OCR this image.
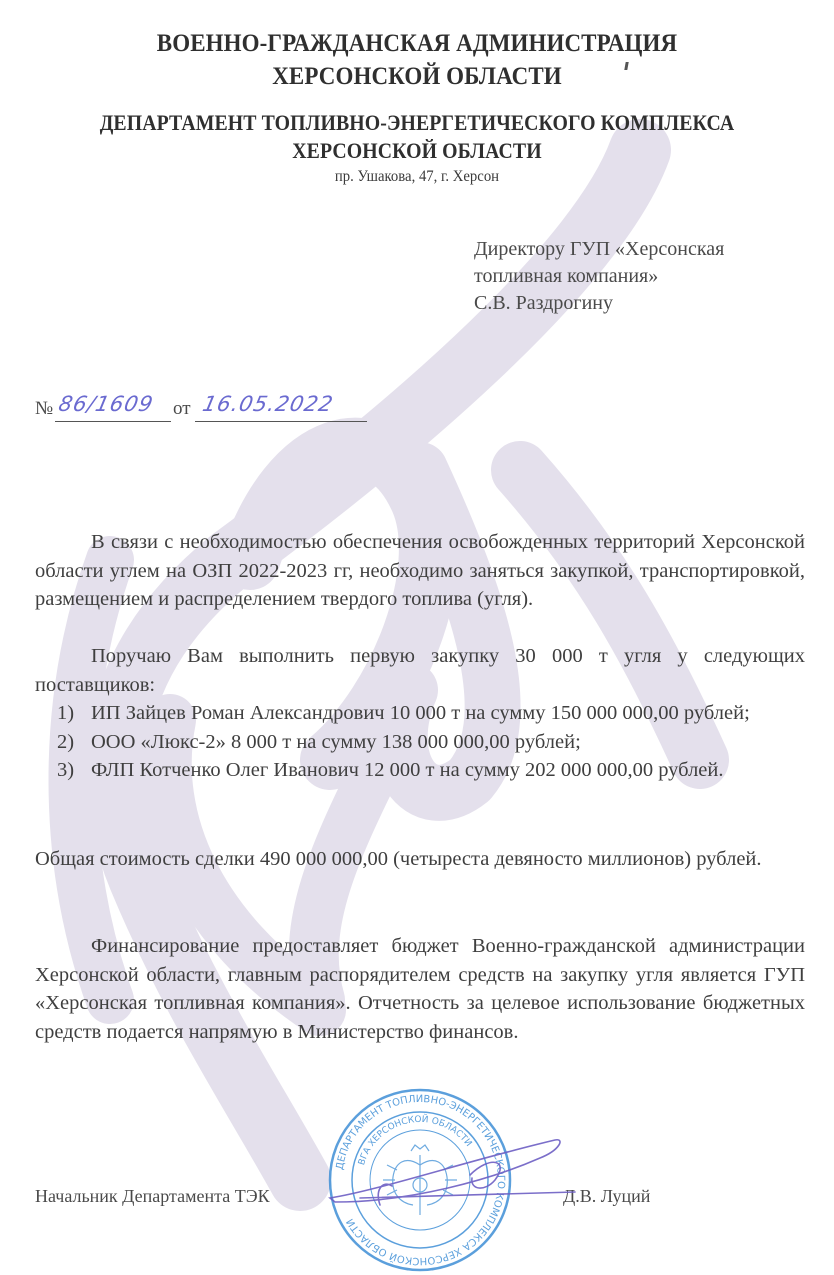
ВОЕННО-ГРАЖДАНСКАЯ АДМИНИСТРАЦИЯ
ХЕРСОНСКОЙ ОБЛАСТИ
ДЕПАРТАМЕНТ ТОПЛИВНО-ЭНЕРГЕТИЧЕСКОГО КОМПЛЕКСА
ХЕРСОНСКОЙ ОБЛАСТИ
пр. Ушакова, 47, г. Херсон
Директору ГУП «Херсонская
топливная компания»
С.В. Раздрогину
№ 86/1609 от 16.05.2022
В связи с необходимостью обеспечения освобожденных территорий Херсонской области углем на ОЗП 2022-2023 гг, необходимо заняться закупкой, транспортировкой, размещением и распределением твердого топлива (угля).
Поручаю Вам выполнить первую закупку 30 000 т угля у следующих поставщиков:
1) ИП Зайцев Роман Александрович 10 000 т на сумму 150 000 000,00 рублей;
2) ООО «Люкс-2» 8 000 т на сумму 138 000 000,00 рублей;
3) ФЛП Котченко Олег Иванович 12 000 т на сумму 202 000 000,00 рублей.
Общая стоимость сделки 490 000 000,00 (четыреста девяносто миллионов) рублей.
Финансирование предоставляет бюджет Военно-гражданской администрации Херсонской области, главным распорядителем средств на закупку угля является ГУП «Херсонская топливная компания». Отчетность за целевое использование бюджетных средств подается напрямую в Министерство финансов.
Начальник Департамента ТЭК	Д.В. Луций
ДЕПАРТАМЕНТ ТОПЛИВНО-ЭНЕРГЕТИЧЕСКОГО КОМПЛЕКСА ХЕРСОНСКОЙ ОБЛАСТИ
ВГА ХЕРСОНСКОЙ ОБЛАСТИ
